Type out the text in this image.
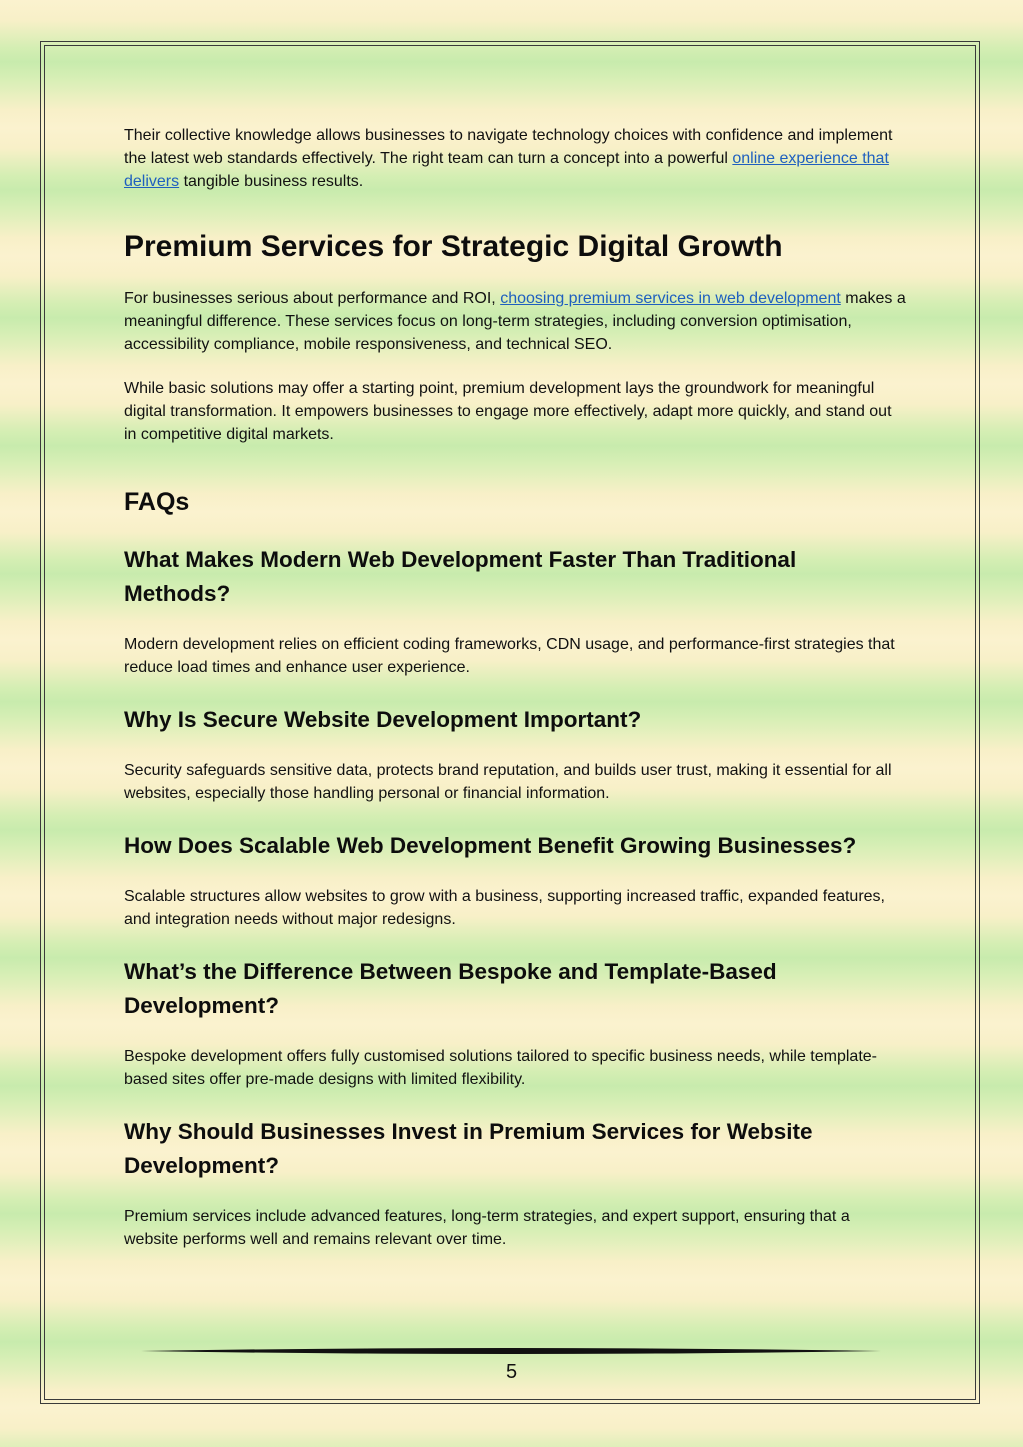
Their collective knowledge allows businesses to navigate technology choices with confidence and implement the latest web standards effectively. The right team can turn a concept into a powerful online experience that delivers tangible business results.

Premium Services for Strategic Digital Growth

For businesses serious about performance and ROI, choosing premium services in web development makes a meaningful difference. These services focus on long-term strategies, including conversion optimisation, accessibility compliance, mobile responsiveness, and technical SEO.

While basic solutions may offer a starting point, premium development lays the groundwork for meaningful digital transformation. It empowers businesses to engage more effectively, adapt more quickly, and stand out in competitive digital markets.

FAQs
What Makes Modern Web Development Faster Than Traditional Methods?

Modern development relies on efficient coding frameworks, CDN usage, and performance-first strategies that reduce load times and enhance user experience.

Why Is Secure Website Development Important?

Security safeguards sensitive data, protects brand reputation, and builds user trust, making it essential for all websites, especially those handling personal or financial information.

How Does Scalable Web Development Benefit Growing Businesses?

Scalable structures allow websites to grow with a business, supporting increased traffic, expanded features, and integration needs without major redesigns.

What’s the Difference Between Bespoke and Template-Based Development?

Bespoke development offers fully customised solutions tailored to specific business needs, while template-based sites offer pre-made designs with limited flexibility.

Why Should Businesses Invest in Premium Services for Website Development?

Premium services include advanced features, long-term strategies, and expert support, ensuring that a website performs well and remains relevant over time.

5
